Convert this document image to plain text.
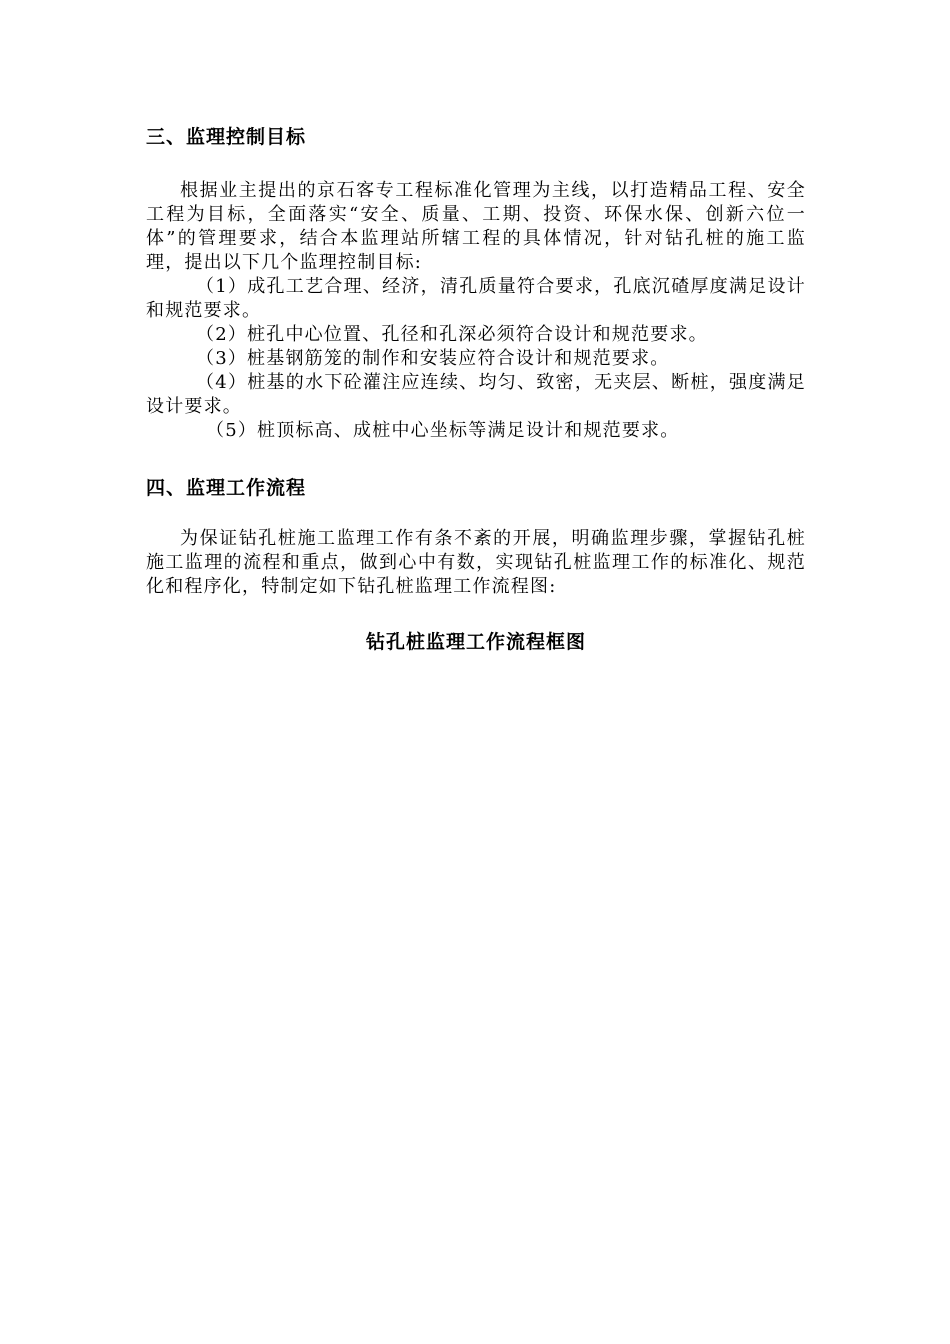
三、监理控制目标

根据业主提出的京石客专工程标准化管理为主线，以打造精品工程、安全工程为目标，全面落实“安全、质量、工期、投资、环保水保、创新六位一体”的管理要求，结合本监理站所辖工程的具体情况，针对钻孔桩的施工监理，提出以下几个监理控制目标:

（1）成孔工艺合理、经济，清孔质量符合要求，孔底沉碴厚度满足设计和规范要求。

（2）桩孔中心位置、孔径和孔深必须符合设计和规范要求。

（3）桩基钢筋笼的制作和安装应符合设计和规范要求。

（4）桩基的水下砼灌注应连续、均匀、致密，无夹层、断桩，强度满足设计要求。

（5）桩顶标高、成桩中心坐标等满足设计和规范要求。

四、监理工作流程

为保证钻孔桩施工监理工作有条不紊的开展，明确监理步骤，掌握钻孔桩施工监理的流程和重点，做到心中有数，实现钻孔桩监理工作的标准化、规范化和程序化，特制定如下钻孔桩监理工作流程图:

钻孔桩监理工作流程框图
